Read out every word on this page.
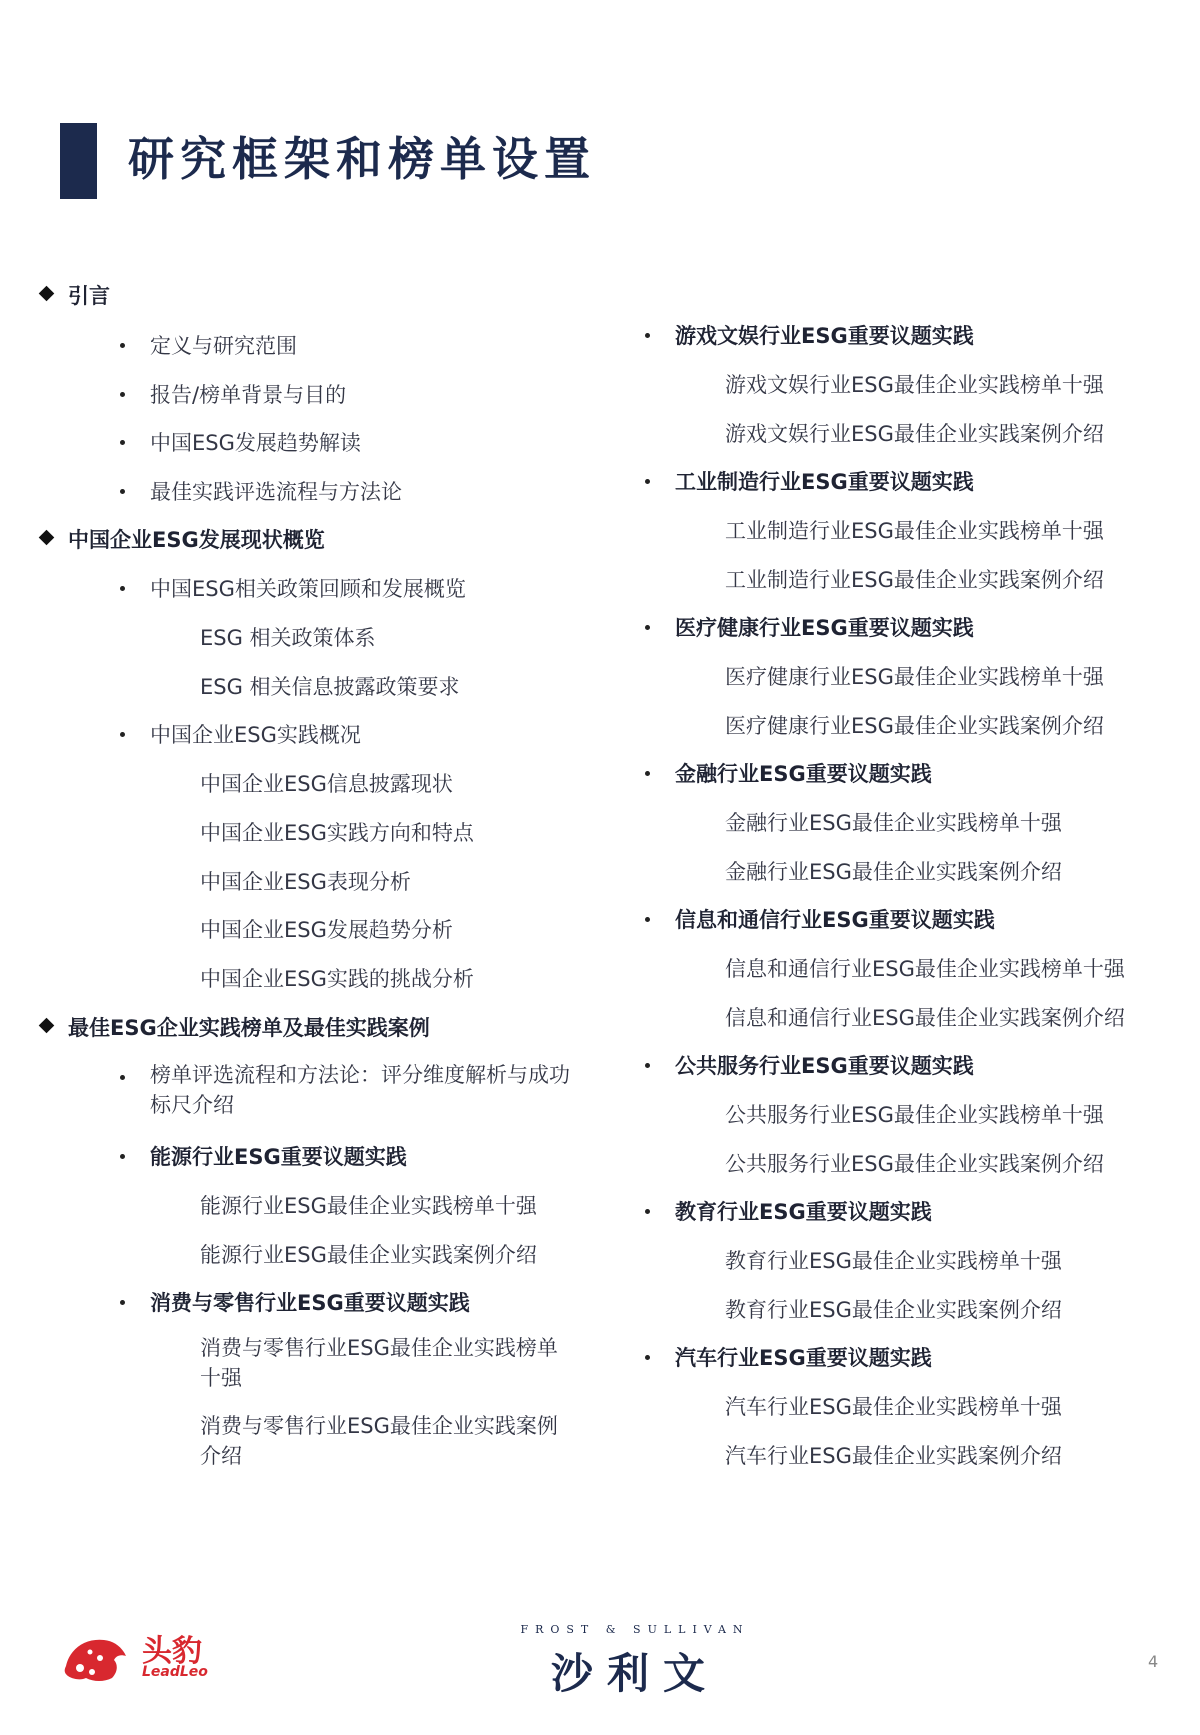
研究框架和榜单设置
引言
定义与研究范围
报告/榜单背景与目的
中国ESG发展趋势解读
最佳实践评选流程与方法论
中国企业ESG发展现状概览
中国ESG相关政策回顾和发展概览
ESG 相关政策体系
ESG 相关信息披露政策要求
中国企业ESG实践概况
中国企业ESG信息披露现状
中国企业ESG实践方向和特点
中国企业ESG表现分析
中国企业ESG发展趋势分析
中国企业ESG实践的挑战分析
最佳ESG企业实践榜单及最佳实践案例
榜单评选流程和方法论：评分维度解析与成功标尺介绍
能源行业ESG重要议题实践
能源行业ESG最佳企业实践榜单十强
能源行业ESG最佳企业实践案例介绍
消费与零售行业ESG重要议题实践
消费与零售行业ESG最佳企业实践榜单十强
消费与零售行业ESG最佳企业实践案例介绍
游戏文娱行业ESG重要议题实践
游戏文娱行业ESG最佳企业实践榜单十强
游戏文娱行业ESG最佳企业实践案例介绍
工业制造行业ESG重要议题实践
工业制造行业ESG最佳企业实践榜单十强
工业制造行业ESG最佳企业实践案例介绍
医疗健康行业ESG重要议题实践
医疗健康行业ESG最佳企业实践榜单十强
医疗健康行业ESG最佳企业实践案例介绍
金融行业ESG重要议题实践
金融行业ESG最佳企业实践榜单十强
金融行业ESG最佳企业实践案例介绍
信息和通信行业ESG重要议题实践
信息和通信行业ESG最佳企业实践榜单十强
信息和通信行业ESG最佳企业实践案例介绍
公共服务行业ESG重要议题实践
公共服务行业ESG最佳企业实践榜单十强
公共服务行业ESG最佳企业实践案例介绍
教育行业ESG重要议题实践
教育行业ESG最佳企业实践榜单十强
教育行业ESG最佳企业实践案例介绍
汽车行业ESG重要议题实践
汽车行业ESG最佳企业实践榜单十强
汽车行业ESG最佳企业实践案例介绍
头豹
LeadLeo
FROST & SULLIVAN
沙利文	4
